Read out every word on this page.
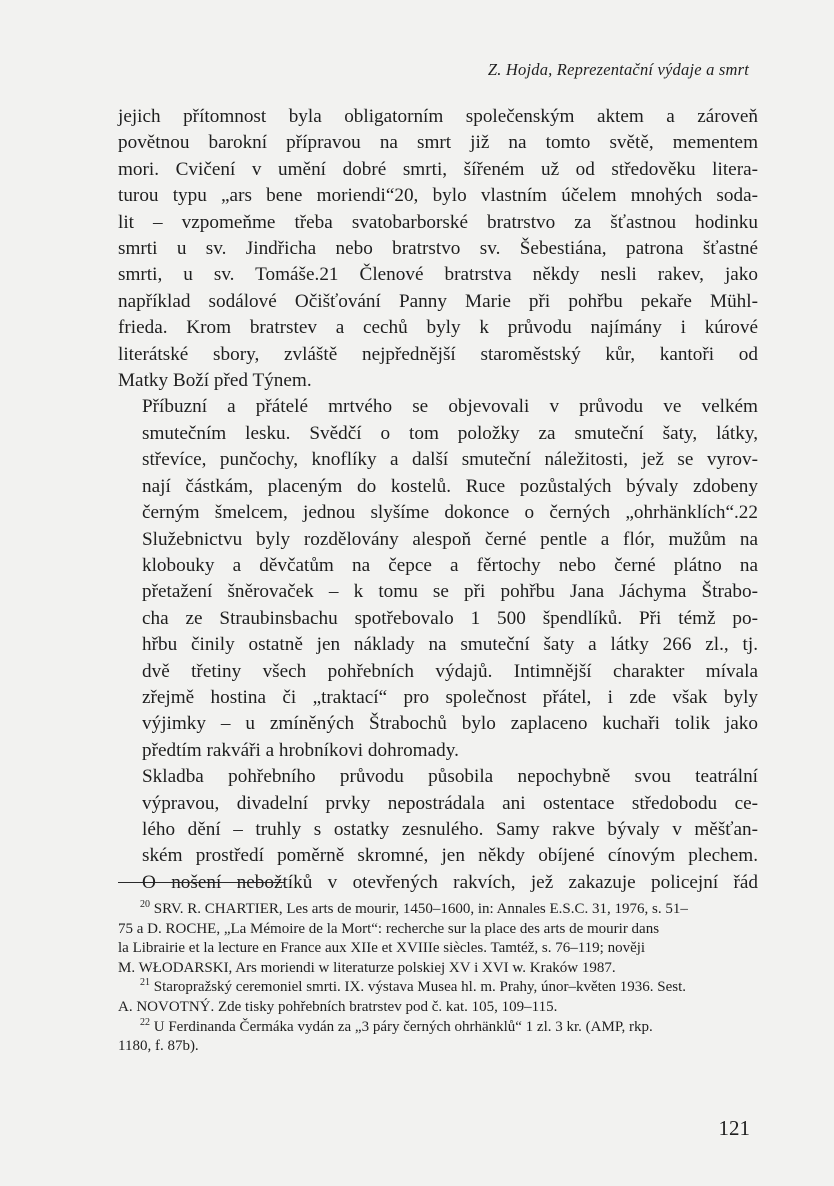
Z. Hojda, Reprezentační výdaje a smrt

jejich přítomnost byla obligatorním společenským aktem a zároveň
povětnou barokní přípravou na smrt již na tomto světě, mementem
mori. Cvičení v umění dobré smrti, šířeném už od středověku litera-
turou typu „ars bene moriendi“20, bylo vlastním účelem mnohých soda-
lit – vzpomeňme třeba svatobarborské bratrstvo za šťastnou hodinku
smrti u sv. Jindřicha nebo bratrstvo sv. Šebestiána, patrona šťastné
smrti, u sv. Tomáše.21 Členové bratrstva někdy nesli rakev, jako
například sodálové Očišťování Panny Marie při pohřbu pekaře Mühl-
frieda. Krom bratrstev a cechů byly k průvodu najímány i kúrové
literátské sbory, zvláště nejpřednější staroměstský kůr, kantoři od
Matky Boží před Týnem.

Příbuzní a přátelé mrtvého se objevovali v průvodu ve velkém
smutečním lesku. Svědčí o tom položky za smuteční šaty, látky,
střevíce, punčochy, knoflíky a další smuteční náležitosti, jež se vyrov-
nají částkám, placeným do kostelů. Ruce pozůstalých bývaly zdobeny
černým šmelcem, jednou slyšíme dokonce o černých „ohrhänklích“.22
Služebnictvu byly rozdělovány alespoň černé pentle a flór, mužům na
klobouky a děvčatům na čepce a fěrtochy nebo černé plátno na
přetažení šněrovaček – k tomu se při pohřbu Jana Jáchyma Štrabo-
cha ze Straubinsbachu spotřebovalo 1 500 špendlíků. Při témž po-
hřbu činily ostatně jen náklady na smuteční šaty a látky 266 zl., tj.
dvě třetiny všech pohřebních výdajů. Intimnější charakter mívala
zřejmě hostina či „traktací“ pro společnost přátel, i zde však byly
výjimky – u zmíněných Štrabochů bylo zaplaceno kuchaři tolik jako
předtím rakváři a hrobníkovi dohromady.

Skladba pohřebního průvodu působila nepochybně svou teatrální
výpravou, divadelní prvky nepostrádala ani ostentace středobodu ce-
lého dění – truhly s ostatky zesnulého. Samy rakve bývaly v měšťan-
ském prostředí poměrně skromné, jen někdy obíjené cínovým plechem.
O nošení nebožtíků v otevřených rakvích, jež zakazuje policejní řád

$^{20}$ SRV. R. CHARTIER, Les arts de mourir, 1450–1600, in: Annales E.S.C. 31, 1976, s. 51–
75 a D. ROCHE, „La Mémoire de la Mort“: recherche sur la place des arts de mourir dans
la Librairie et la lecture en France aux XIIe et XVIIIe siècles. Tamtéž, s. 76–119; nověji
M. WŁODARSKI, Ars moriendi w literaturze polskiej XV i XVI w. Kraków 1987.
$^{21}$ Staropražský ceremoniel smrti. IX. výstava Musea hl. m. Prahy, únor–květen 1936. Sest.
A. NOVOTNÝ. Zde tisky pohřebních bratrstev pod č. kat. 105, 109–115.
$^{22}$ U Ferdinanda Čermáka vydán za „3 páry černých ohrhänklů“ 1 zl. 3 kr. (AMP, rkp.
1180, f. 87b).
121
